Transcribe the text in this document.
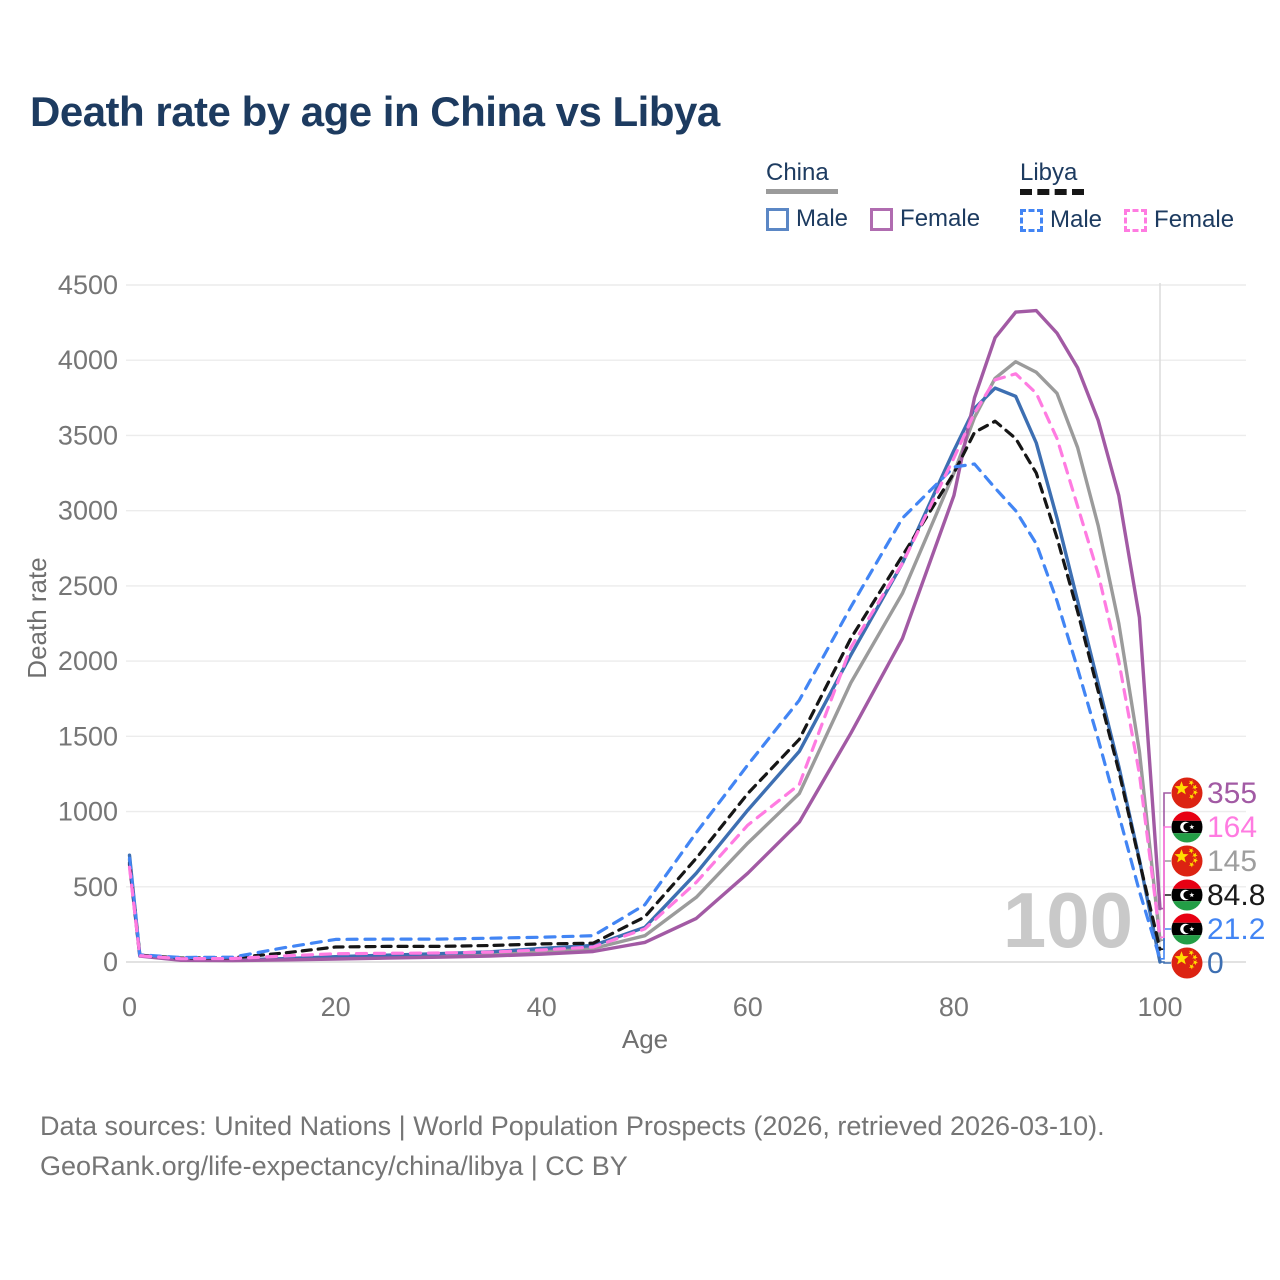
Death rate by age in China vs Libya
China
Male Female
Libya
Male Female
100
0
500
1000
1500
2000
2500
3000
3500
4000
4500
0	20	40	60	80	100
Age
Death rate
145
0
355
84.8
21.2
164
Data sources: United Nations | World Population Prospects (2026, retrieved 2026-03-10).
GeoRank.org/life-expectancy/china/libya | CC BY
